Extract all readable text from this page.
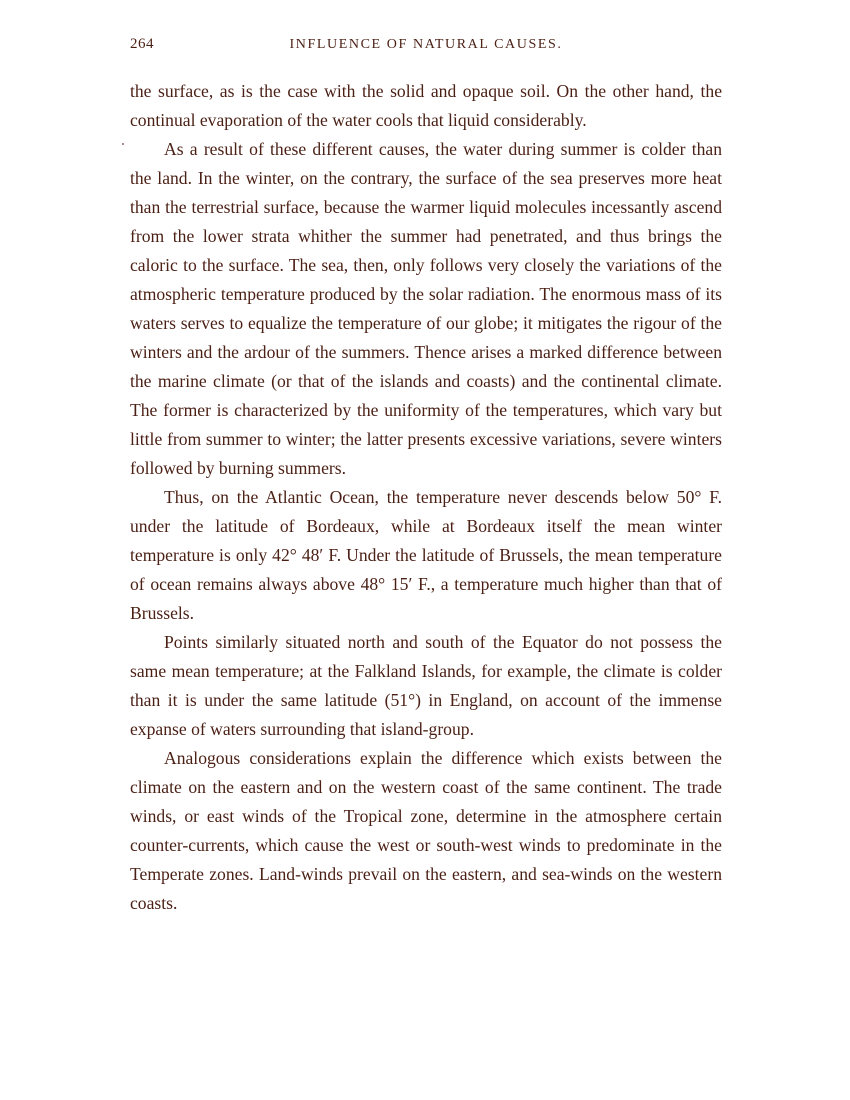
264	INFLUENCE OF NATURAL CAUSES.

the surface, as is the case with the solid and opaque soil. On the other hand, the continual evaporation of the water cools that liquid considerably.

As a result of these different causes, the water during summer is colder than the land. In the winter, on the contrary, the surface of the sea preserves more heat than the terrestrial surface, because the warmer liquid molecules incessantly ascend from the lower strata whither the summer had penetrated, and thus brings the caloric to the surface. The sea, then, only follows very closely the variations of the atmospheric temperature produced by the solar radiation. The enormous mass of its waters serves to equalize the temperature of our globe; it mitigates the rigour of the winters and the ardour of the summers. Thence arises a marked difference between the marine climate (or that of the islands and coasts) and the continental climate. The former is characterized by the uniformity of the temperatures, which vary but little from summer to winter; the latter presents excessive variations, severe winters followed by burning summers.

Thus, on the Atlantic Ocean, the temperature never descends below 50° F. under the latitude of Bordeaux, while at Bordeaux itself the mean winter temperature is only 42° 48′ F. Under the latitude of Brussels, the mean temperature of ocean remains always above 48° 15′ F., a temperature much higher than that of Brussels.

Points similarly situated north and south of the Equator do not possess the same mean temperature; at the Falkland Islands, for example, the climate is colder than it is under the same latitude (51°) in England, on account of the immense expanse of waters surrounding that island-group.

Analogous considerations explain the difference which exists between the climate on the eastern and on the western coast of the same continent. The trade winds, or east winds of the Tropical zone, determine in the atmosphere certain counter-currents, which cause the west or south-west winds to predominate in the Temperate zones. Land-winds prevail on the eastern, and sea-winds on the western coasts.
